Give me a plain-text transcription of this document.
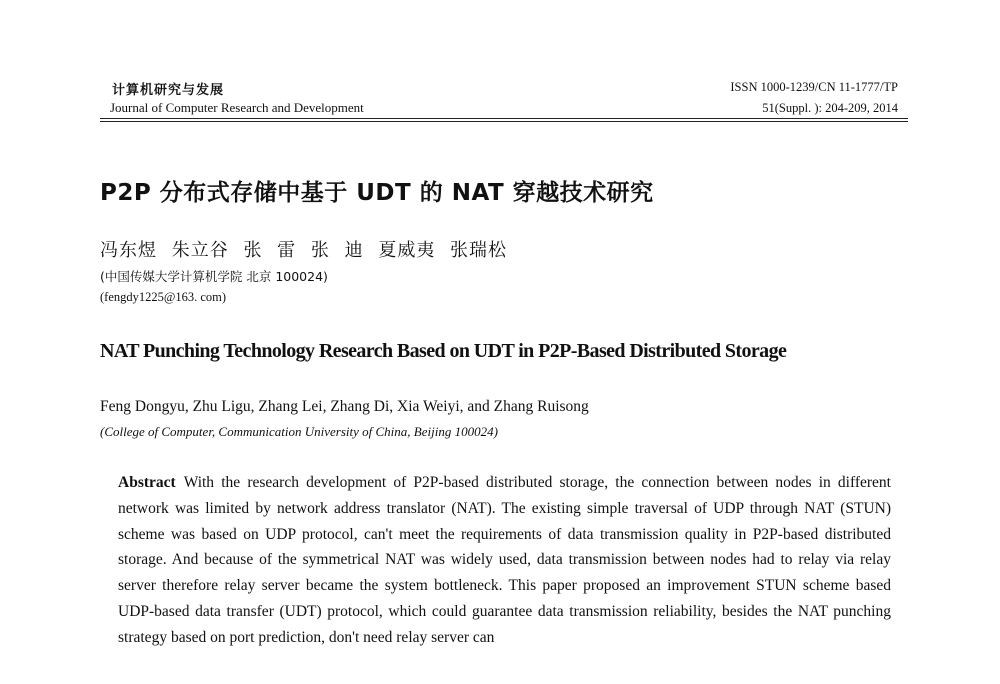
计算机研究与发展
Journal of Computer Research and Development
ISSN 1000-1239/CN 11-1777/TP
51(Suppl. ): 204-209, 2014
P2P 分布式存储中基于 UDT 的 NAT 穿越技术研究
冯东煜 朱立谷 张 雷 张 迪 夏威夷 张瑞松
(中国传媒大学计算机学院 北京 100024)
(fengdy1225@163. com)
NAT Punching Technology Research Based on UDT in P2P-Based Distributed Storage
Feng Dongyu, Zhu Ligu, Zhang Lei, Zhang Di, Xia Weiyi, and Zhang Ruisong
(College of Computer, Communication University of China, Beijing 100024)
Abstract With the research development of P2P-based distributed storage, the connection between nodes in different network was limited by network address translator (NAT). The existing simple traversal of UDP through NAT (STUN) scheme was based on UDP protocol, can't meet the requirements of data transmission quality in P2P-based distributed storage. And because of the symmetrical NAT was widely used, data transmission between nodes had to relay via relay server therefore relay server became the system bottleneck. This paper proposed an improvement STUN scheme based UDP-based data transfer (UDT) protocol, which could guarantee data transmission reliability, besides the NAT punching strategy based on port prediction, don't need relay server can
